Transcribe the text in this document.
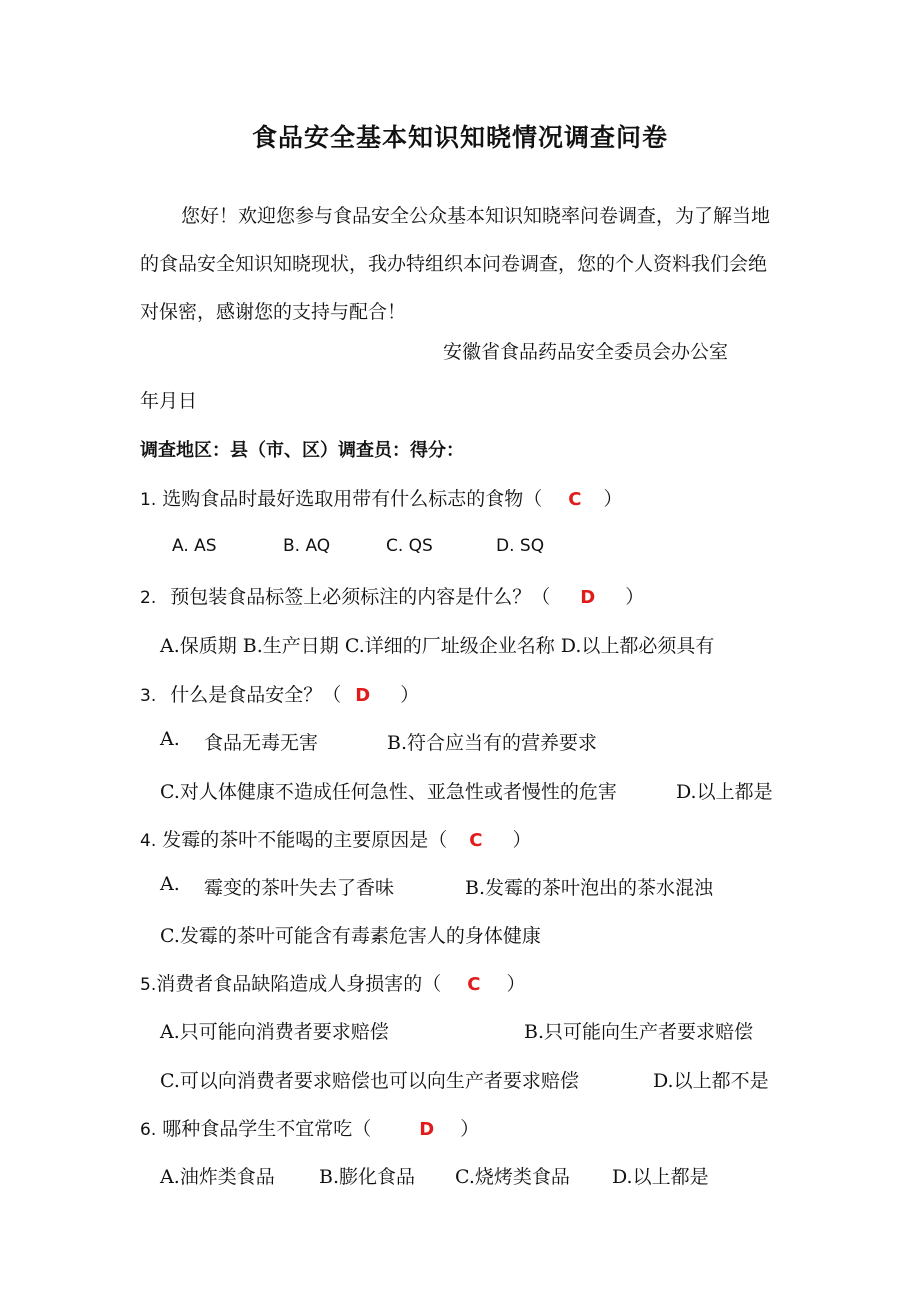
食品安全基本知识知晓情况调查问卷

您好！欢迎您参与食品安全公众基本知识知晓率问卷调查，为了解当地的食品安全知识知晓现状，我办特组织本问卷调查，您的个人资料我们会绝对保密，感谢您的支持与配合！

安徽省食品药品安全委员会办公室
年月日
调查地区：县（市、区）调查员：得分：
1. 选购食品时最好选取用带有什么标志的食物（ C ）
A. AS	B. AQ	C. QS	D. SQ
2. 预包装食品标签上必须标注的内容是什么？（ D ）
A.保质期 B.生产日期 C.详细的厂址级企业名称 D.以上都必须具有
3. 什么是食品安全？（ D ）
A. 食品无毒无害	B.符合应当有的营养要求
C.对人体健康不造成任何急性、亚急性或者慢性的危害	D.以上都是
4. 发霉的茶叶不能喝的主要原因是（ C ）
A. 霉变的茶叶失去了香味	B.发霉的茶叶泡出的茶水混浊
C.发霉的茶叶可能含有毒素危害人的身体健康
5.消费者食品缺陷造成人身损害的（ C ）
A.只可能向消费者要求赔偿	B.只可能向生产者要求赔偿
C.可以向消费者要求赔偿也可以向生产者要求赔偿	D.以上都不是
6. 哪种食品学生不宜常吃（	D ）
A.油炸类食品 B.膨化食品 C.烧烤类食品 D.以上都是
